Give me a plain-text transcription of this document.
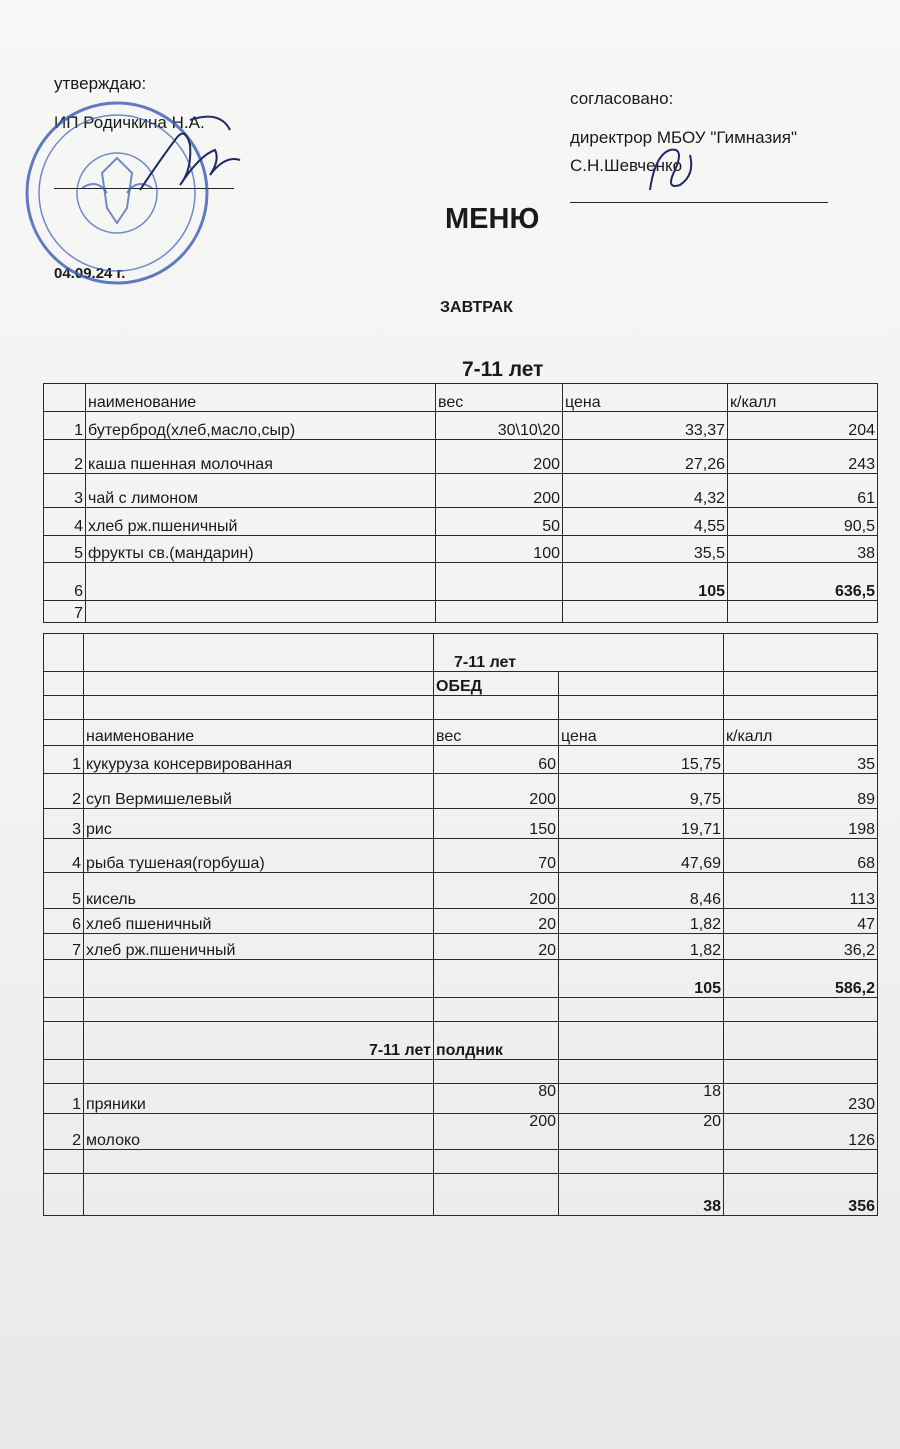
утверждаю:
ИП Родичкина Н.А.
04.09.24 г.
согласовано:
директрор МБОУ "Гимназия"
С.Н.Шевченко
МЕНЮ
ЗАВТРАК
7-11 лет
	наименование	вес	цена	к/калл
1	бутерброд(хлеб,масло,сыр)	30\10\20	33,37	204
2	каша пшенная молочная	200	27,26	243
3	чай с лимоном	200	4,32	61
4	хлеб рж.пшеничный	50	4,55	90,5
5	фрукты св.(мандарин)	100	35,5	38
6			105	636,5
7				
		7-11 лет		
		ОБЕД		

	наименование	вес	цена	к/калл
1	кукуруза консервированная	60	15,75	35
2	суп Вермишелевый	200	9,75	89
3	рис	150	19,71	198
4	рыба тушеная(горбуша)	70	47,69	68
5	кисель	200	8,46	113
6	хлеб пшеничный	20	1,82	47
7	хлеб рж.пшеничный	20	1,82	36,2
			105	586,2

	7-11 лет	полдник		

1	пряники	80	18	230
2	молоко	200	20	126

			38	356
